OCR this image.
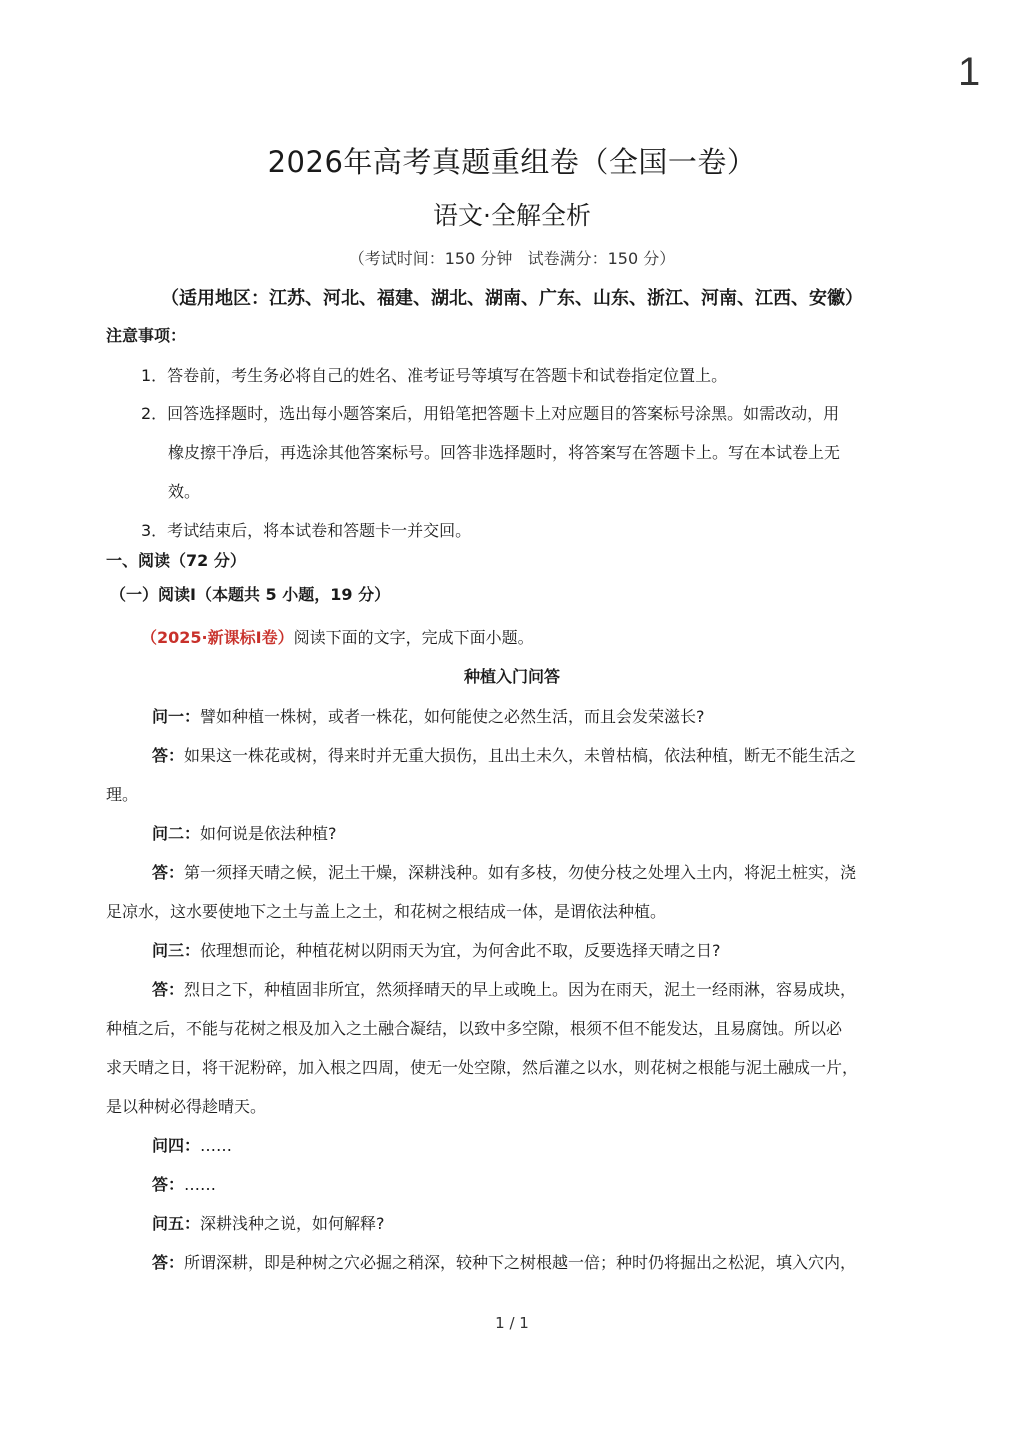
1
2026年高考真题重组卷（全国一卷）
语文·全解全析
（考试时间：150 分钟   试卷满分：150 分）
（适用地区：江苏、河北、福建、湖北、湖南、广东、山东、浙江、河南、江西、安徽）
注意事项：
1．答卷前，考生务必将自己的姓名、准考证号等填写在答题卡和试卷指定位置上。
2．回答选择题时，选出每小题答案后，用铅笔把答题卡上对应题目的答案标号涂黑。如需改动，用
橡皮擦干净后，再选涂其他答案标号。回答非选择题时，将答案写在答题卡上。写在本试卷上无
效。
3．考试结束后，将本试卷和答题卡一并交回。
一、阅读（72 分）
（一）阅读I（本题共 5 小题，19 分）
（2025·新课标I卷）阅读下面的文字，完成下面小题。
种植入门问答
问一：譬如种植一株树，或者一株花，如何能使之必然生活，而且会发荣滋长?
答：如果这一株花或树，得来时并无重大损伤，且出土未久，未曾枯槁，依法种植，断无不能生活之
理。
问二：如何说是依法种植?
答：第一须择天晴之候，泥土干燥，深耕浅种。如有多枝，勿使分枝之处埋入土内，将泥土桩实，浇
足凉水，这水要使地下之土与盖上之土，和花树之根结成一体，是谓依法种植。
问三：依理想而论，种植花树以阴雨天为宜，为何舍此不取，反要选择天晴之日?
答：烈日之下，种植固非所宜，然须择晴天的早上或晚上。因为在雨天，泥土一经雨淋，容易成块，
种植之后，不能与花树之根及加入之土融合凝结，以致中多空隙，根须不但不能发达，且易腐蚀。所以必
求天晴之日，将干泥粉碎，加入根之四周，使无一处空隙，然后灌之以水，则花树之根能与泥土融成一片，
是以种树必得趁晴天。
问四：……
答：……
问五：深耕浅种之说，如何解释?
答：所谓深耕，即是种树之穴必掘之稍深，较种下之树根越一倍；种时仍将掘出之松泥，填入穴内，
1 / 1
